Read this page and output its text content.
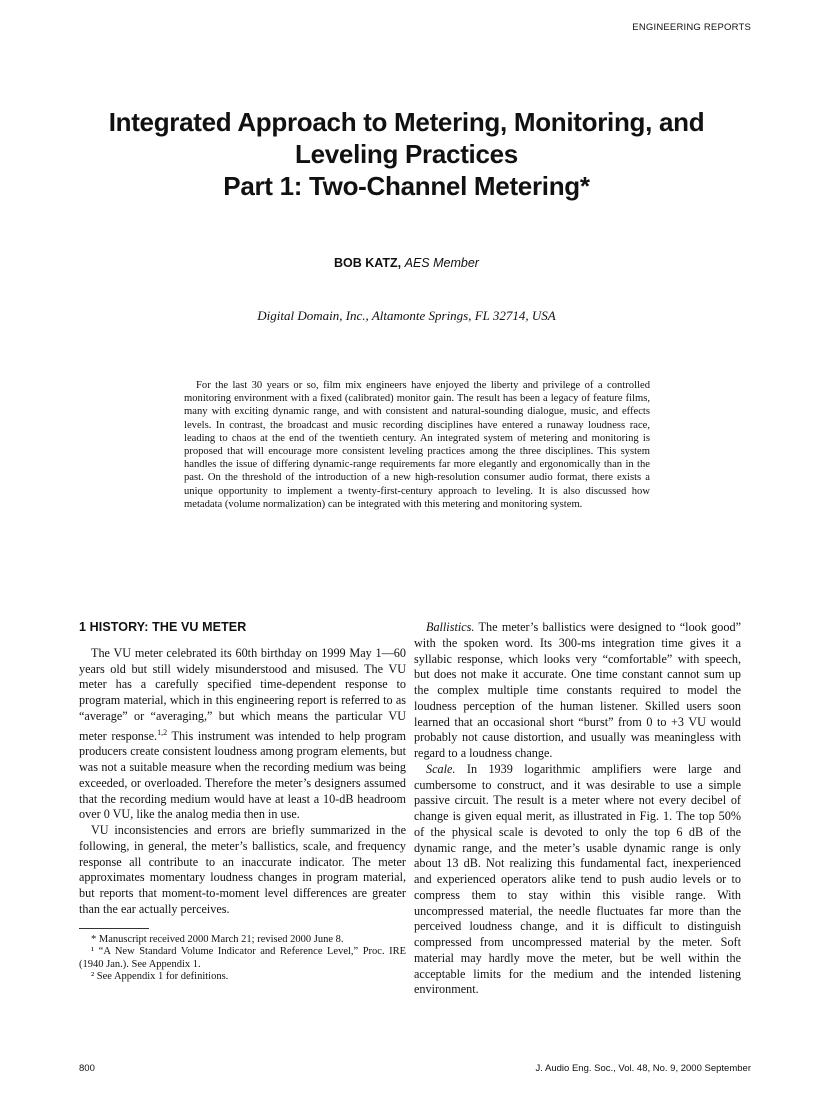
ENGINEERING REPORTS
Integrated Approach to Metering, Monitoring, and
Leveling Practices
Part 1: Two-Channel Metering*
BOB KATZ, AES Member
Digital Domain, Inc., Altamonte Springs, FL 32714, USA
For the last 30 years or so, film mix engineers have enjoyed the liberty and privilege of a controlled monitoring environment with a fixed (calibrated) monitor gain. The result has been a legacy of feature films, many with exciting dynamic range, and with consistent and natural-sounding dialogue, music, and effects levels. In contrast, the broadcast and music recording disciplines have entered a runaway loudness race, leading to chaos at the end of the twentieth century. An integrated system of metering and monitoring is proposed that will encourage more consistent leveling practices among the three disciplines. This system handles the issue of differing dynamic-range requirements far more elegantly and ergonomically than in the past. On the threshold of the introduction of a new high-resolution consumer audio format, there exists a unique opportunity to implement a twenty-first-century approach to leveling. It is also discussed how metadata (volume normalization) can be integrated with this metering and monitoring system.
1 HISTORY: THE VU METER

The VU meter celebrated its 60th birthday on 1999 May 1—60 years old but still widely misunderstood and misused. The VU meter has a carefully specified time-dependent response to program material, which in this engineering report is referred to as “average” or “averaging,” but which means the particular VU meter response.$^{1,2}$ This instrument was intended to help program producers create consistent loudness among program elements, but was not a suitable measure when the recording medium was being exceeded, or overloaded. Therefore the meter’s designers assumed that the recording medium would have at least a 10-dB headroom over 0 VU, like the analog media then in use.

VU inconsistencies and errors are briefly summarized in the following, in general, the meter’s ballistics, scale, and frequency response all contribute to an inaccurate indicator. The meter approximates momentary loudness changes in program material, but reports that moment-to-moment level differences are greater than the ear actually perceives.

* Manuscript received 2000 March 21; revised 2000 June 8.

¹ “A New Standard Volume Indicator and Reference Level,” Proc. IRE (1940 Jan.). See Appendix 1.

² See Appendix 1 for definitions.

Ballistics. The meter’s ballistics were designed to “look good” with the spoken word. Its 300-ms integration time gives it a syllabic response, which looks very “comfortable” with speech, but does not make it accurate. One time constant cannot sum up the complex multiple time constants required to model the loudness perception of the human listener. Skilled users soon learned that an occasional short “burst” from 0 to +3 VU would probably not cause distortion, and usually was meaningless with regard to a loudness change.

Scale. In 1939 logarithmic amplifiers were large and cumbersome to construct, and it was desirable to use a simple passive circuit. The result is a meter where not every decibel of change is given equal merit, as illustrated in Fig. 1. The top 50% of the physical scale is devoted to only the top 6 dB of the dynamic range, and the meter’s usable dynamic range is only about 13 dB. Not realizing this fundamental fact, inexperienced and experienced operators alike tend to push audio levels or to compress them to stay within this visible range. With uncompressed material, the needle fluctuates far more than the perceived loudness change, and it is difficult to distinguish compressed from uncompressed material by the meter. Soft material may hardly move the meter, but be well within the acceptable limits for the medium and the intended listening environment.

800	J. Audio Eng. Soc., Vol. 48, No. 9, 2000 September
